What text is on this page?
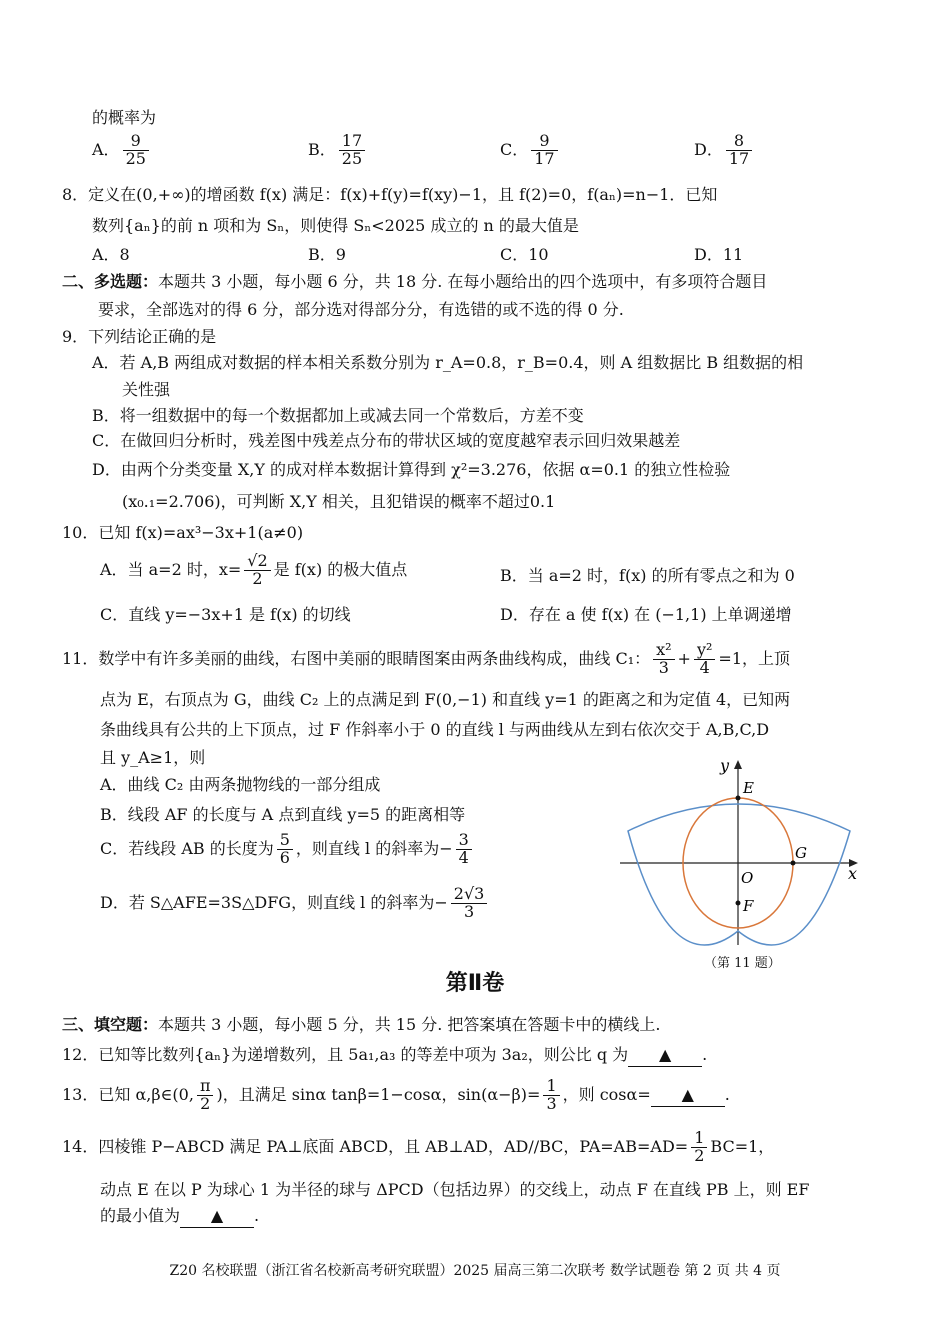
的概率为
A． $\frac{9}{25}$	B． $\frac{17}{25}$	C． $\frac{9}{17}$	D． $\frac{8}{17}$
8．定义在(0,+∞)的增函数 f(x) 满足：f(x)+f(y)=f(xy)−1，且 f(2)=0，f(aₙ)=n−1．已知
数列{aₙ}的前 n 项和为 Sₙ，则使得 Sₙ<2025 成立的 n 的最大值是
A．8	B．9	C．10	D．11
二、多选题：本题共 3 小题，每小题 6 分，共 18 分. 在每小题给出的四个选项中，有多项符合题目
要求，全部选对的得 6 分，部分选对得部分分，有选错的或不选的得 0 分.
9．下列结论正确的是
A．若 A,B 两组成对数据的样本相关系数分别为 r_A=0.8，r_B=0.4，则 A 组数据比 B 组数据的相
关性强
B．将一组数据中的每一个数据都加上或减去同一个常数后，方差不变
C．在做回归分析时，残差图中残差点分布的带状区域的宽度越窄表示回归效果越差
D．由两个分类变量 X,Y 的成对样本数据计算得到 χ²=3.276，依据 α=0.1 的独立性检验
(x₀.₁=2.706)，可判断 X,Y 相关，且犯错误的概率不超过0.1
10．已知 f(x)=ax³−3x+1(a≠0)
A．当 a=2 时，$x= \frac{√2}{2}$ 是 f(x) 的极大值点	B．当 a=2 时，f(x) 的所有零点之和为 0
C．直线 y=−3x+1 是 f(x) 的切线	D．存在 a 使 f(x) 在 (−1,1) 上单调递增
11．数学中有许多美丽的曲线，右图中美丽的眼睛图案由两条曲线构成，曲线 C₁： $\frac{\text{x²}}{3} + \frac{\text{y²}}{4} =1$，上顶
点为 E，右顶点为 G，曲线 C₂ 上的点满足到 F(0,−1) 和直线 y=1 的距离之和为定值 4，已知两
条曲线具有公共的上下顶点，过 F 作斜率小于 0 的直线 l 与两曲线从左到右依次交于 A,B,C,D
且 y_A≥1，则
A．曲线 C₂ 由两条抛物线的一部分组成
B．线段 AF 的长度与 A 点到直线 y=5 的距离相等
C．若线段 AB 的长度为 $\frac{5}{6}$ ，则直线 l 的斜率为− $\frac{3}{4}$
D．若 S△AFE=3S△DFG，则直线 l 的斜率为− $\frac{2√3}{3}$
y
x
E
G
O
F
（第 11 题）
第Ⅱ卷
三、填空题：本题共 3 小题，每小题 5 分，共 15 分. 把答案填在答题卡中的横线上.
12．已知等比数列{aₙ}为递增数列，且 5a₁,a₃ 的等差中项为 3a₂，则公比 q 为 ▲ .
13．已知 α,β∈(0, $\frac{\pi}{2}$ )，且满足 sinα tanβ=1−cosα，$\sin(\alpha-\beta)= \frac{1}{3}$ ，则 cosα= ▲ .
14．四棱锥 P−ABCD 满足 PA⊥底面 ABCD，且 AB⊥AD，AD//BC，$PA=AB=AD= \frac{1}{2} BC=1$，
动点 E 在以 P 为球心 1 为半径的球与 ΔPCD（包括边界）的交线上，动点 F 在直线 PB 上，则 EF
的最小值为 ▲ .
Z20 名校联盟（浙江省名校新高考研究联盟）2025 届高三第二次联考 数学试题卷 第 2 页 共 4 页
